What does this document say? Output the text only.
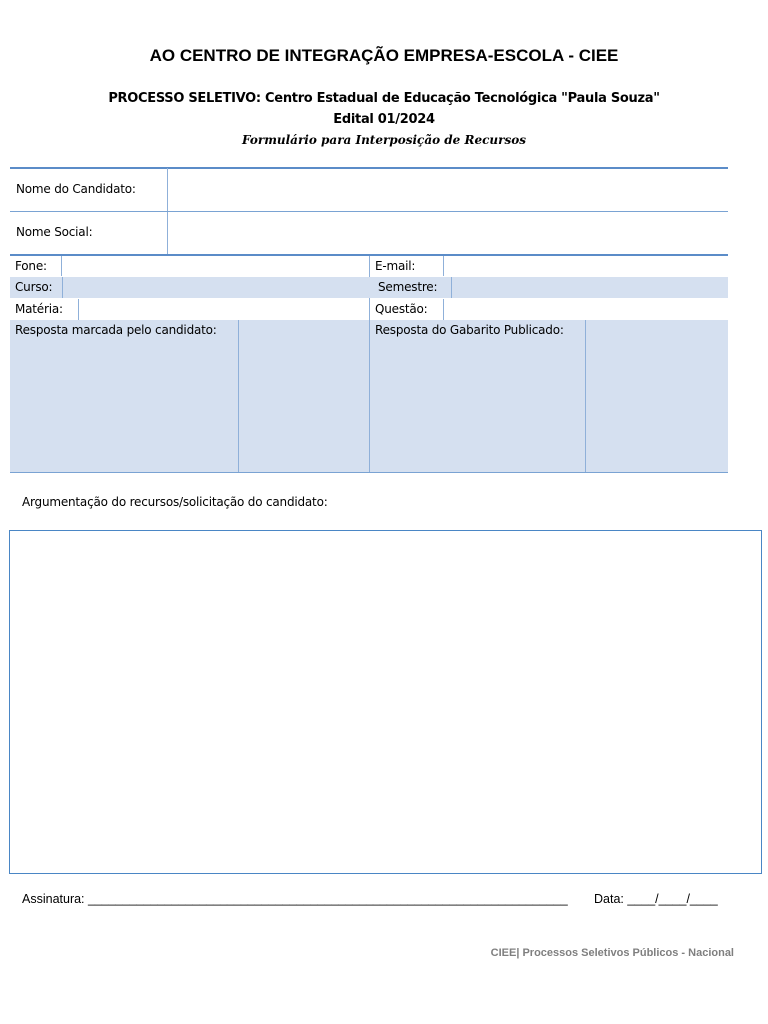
AO CENTRO DE INTEGRAÇÃO EMPRESA-ESCOLA - CIEE
PROCESSO SELETIVO: Centro Estadual de Educação Tecnológica "Paula Souza"
Edital 01/2024
Formulário para Interposição de Recursos
Nome do Candidato:
Nome Social:
Fone:	E-mail:
Curso:	Semestre:
Matéria:	Questão:
Resposta marcada pelo candidato:	Resposta do Gabarito Publicado:
Argumentação do recursos/solicitação do candidato:
Assinatura: _____________________________________________________________________ Data: ____/____/____
CIEE| Processos Seletivos Públicos - Nacional
